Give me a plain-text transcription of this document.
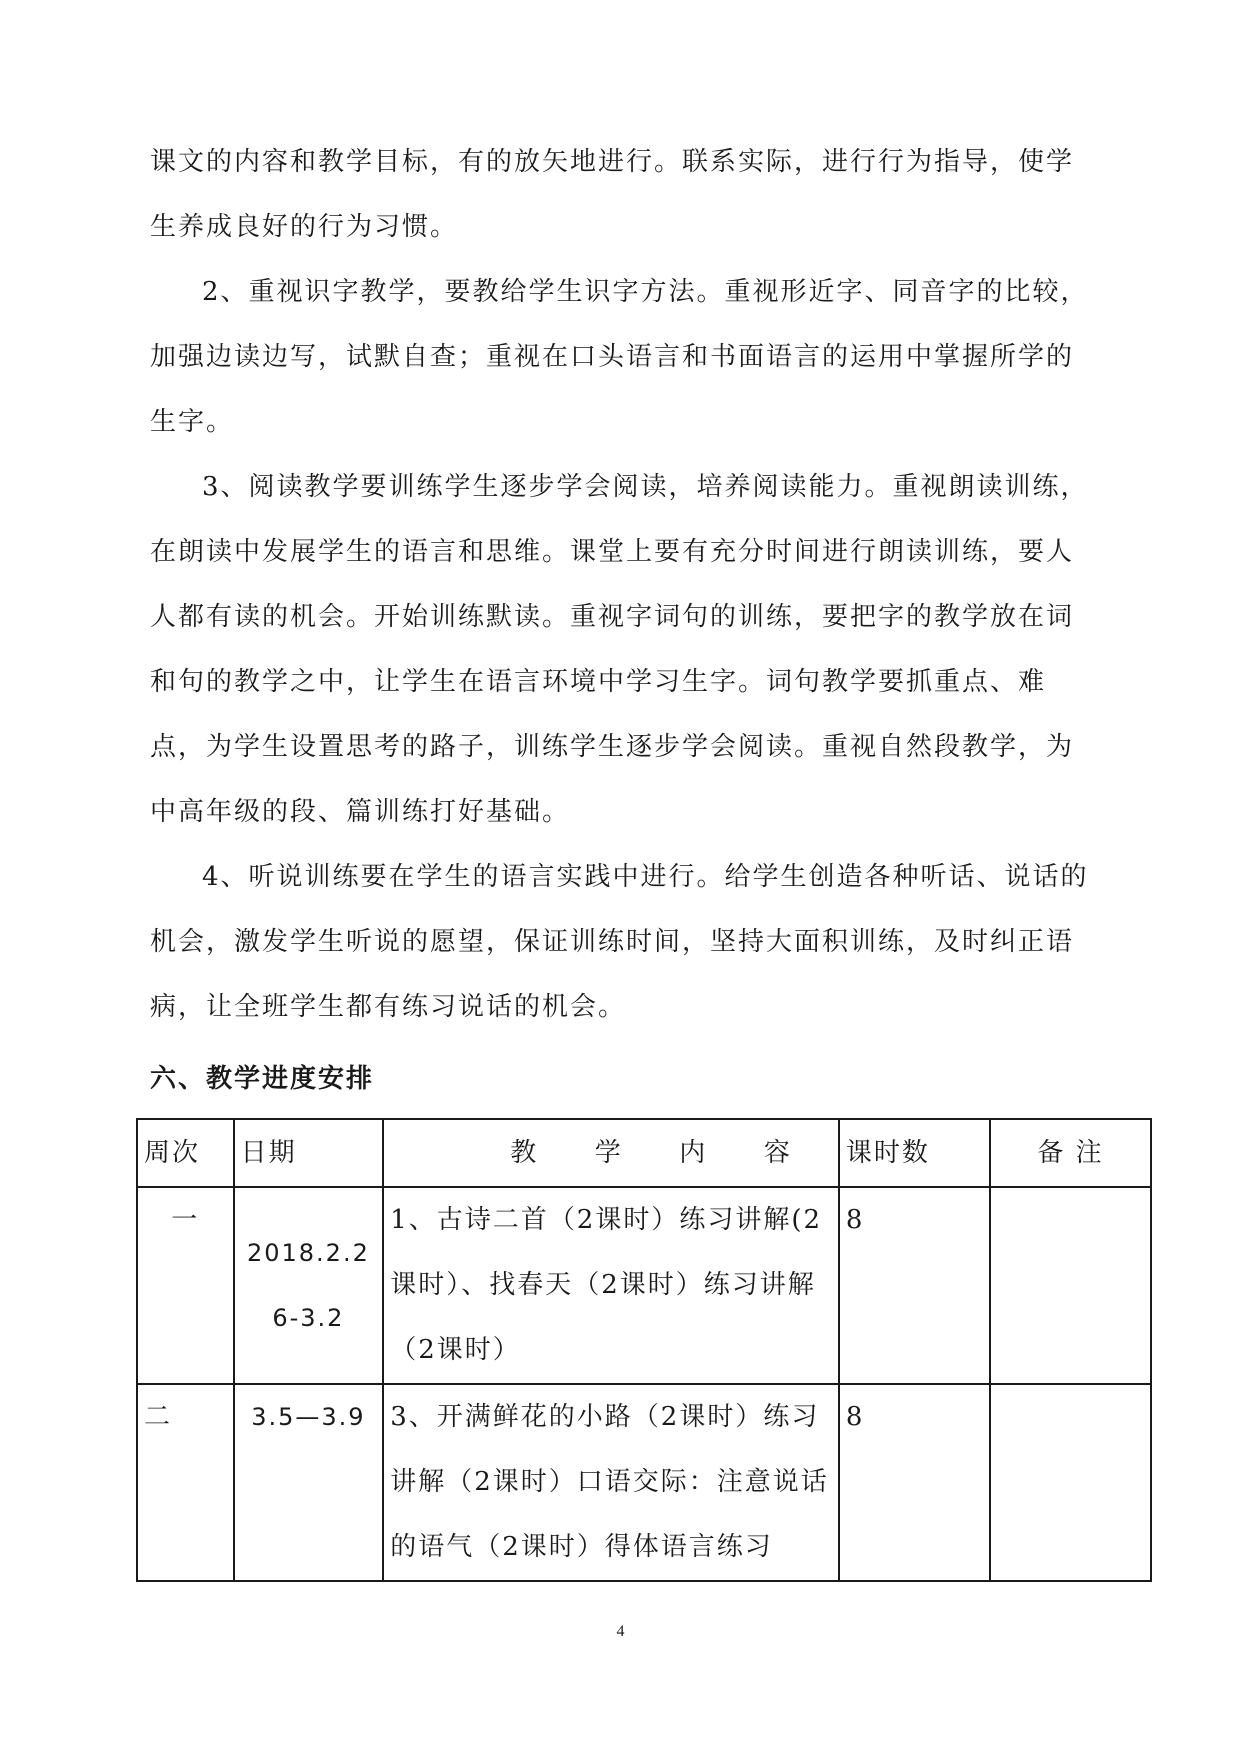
课文的内容和教学目标，有的放矢地进行。联系实际，进行行为指导，使学生养成良好的行为习惯。

2、重视识字教学，要教给学生识字方法。重视形近字、同音字的比较，加强边读边写，试默自查；重视在口头语言和书面语言的运用中掌握所学的生字。

3、阅读教学要训练学生逐步学会阅读，培养阅读能力。重视朗读训练，在朗读中发展学生的语言和思维。课堂上要有充分时间进行朗读训练，要人人都有读的机会。开始训练默读。重视字词句的训练，要把字的教学放在词和句的教学之中，让学生在语言环境中学习生字。词句教学要抓重点、难点，为学生设置思考的路子，训练学生逐步学会阅读。重视自然段教学，为中高年级的段、篇训练打好基础。

4、听说训练要在学生的语言实践中进行。给学生创造各种听话、说话的机会，激发学生听说的愿望，保证训练时间，坚持大面积训练，及时纠正语病，让全班学生都有练习说话的机会。

六、教学进度安排
周次	日期	教 学 内 容	课时数	备 注
一	2018.2.2 6-3.2	1、古诗二首（2课时）练习讲解(2课时）、找春天（2课时）练习讲解（2课时）	8	
二	3.5—3.9	3、开满鲜花的小路（2课时）练习讲解（2课时）口语交际：注意说话的语气（2课时）得体语言练习	8	
4
